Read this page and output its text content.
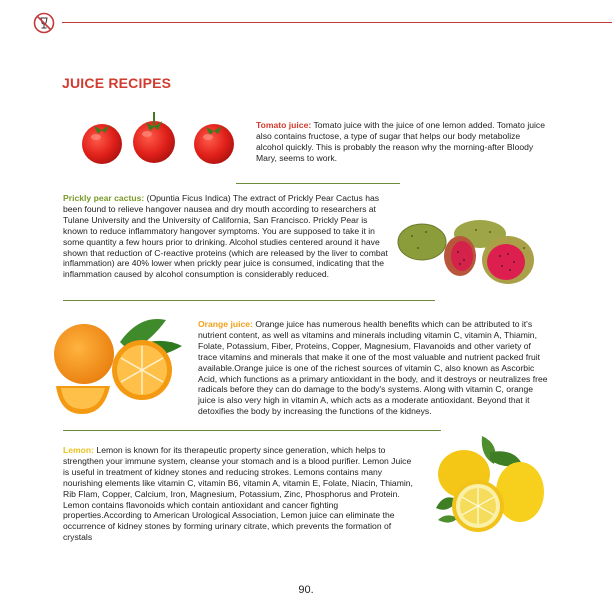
JUICE RECIPES
Tomato juice: Tomato juice with the juice of one lemon added. Tomato juice also contains fructose, a type of sugar that helps our body metabolize alcohol quickly. This is probably the reason why the morning-after Bloody Mary, seems to work.
Prickly pear cactus: (Opuntia Ficus Indica) The extract of Prickly Pear Cactus has been found to relieve hangover nausea and dry mouth according to researchers at Tulane University and the University of California, San Francisco. Prickly Pear is known to reduce inflammatory hangover symptoms. You are supposed to take it in some quantity a few hours prior to drinking. Alcohol studies centered around it have shown that reduction of C-reactive proteins (which are released by the liver to combat inflammation) are 40% lower when prickly pear juice is consumed, indicating that the inflammation caused by alcohol consumption is considerably reduced.
Orange juice: Orange juice has numerous health benefits which can be attributed to it's nutrient content, as well as vitamins and minerals including vitamin C, vitamin A, Thiamin, Folate, Potassium, Fiber, Proteins, Copper, Magnesium, Flavanoids and other variety of trace vitamins and minerals that make it one of the most valuable and nutrient packed fruit available.Orange juice is one of the richest sources of vitamin C, also known as Ascorbic Acid, which functions as a primary antioxidant in the body, and it destroys or neutralizes free radicals before they can do damage to the body's systems. Along with vitamin C, orange juice is also very high in vitamin A, which acts as a moderate antioxidant. Beyond that it detoxifies the body by increasing the functions of the kidneys.
Lemon: Lemon is known for its therapeutic property since generation, which helps to strengthen your immune system, cleanse your stomach and is a blood purifier. Lemon Juice is useful in treatment of kidney stones and reducing strokes. Lemons contains many nourishing elements like vitamin C, vitamin B6, vitamin A, vitamin E, Folate, Niacin, Thiamin, Rib Flam, Copper, Calcium, Iron, Magnesium, Potassium, Zinc, Phosphorus and Protein. Lemon contains flavonoids which contain antioxidant and cancer fighting properties.According to American Urological Association, Lemon juice can eliminate the occurrence of kidney stones by forming urinary citrate, which prevents the formation of crystals
90.
